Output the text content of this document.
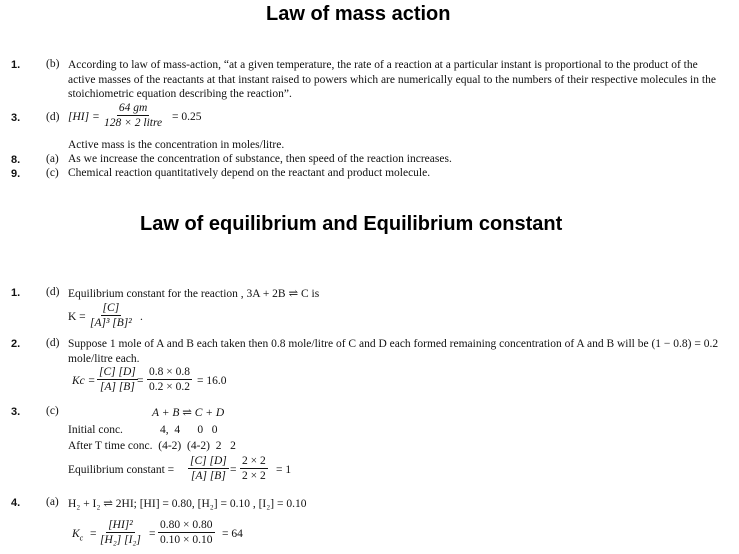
Law of mass action
1. (b) According to law of mass-action, “at a given temperature, the rate of a reaction at a particular instant is proportional to the product of the active masses of the reactants at that instant raised to powers which are numerically equal to the numbers of their respective molecules in the stoichiometric equation describing the reaction”.
3. (d) [HI] =
64 gm
128 × 2 litre
= 0.25
Active mass is the concentration in moles/litre.
8. (a) As we increase the concentration of substance, then speed of the reaction increases.
9. (c) Chemical reaction quantitatively depend on the reactant and product molecule.
Law of equilibrium and Equilibrium constant
1. (d) Equilibrium constant for the reaction , 3A + 2B ⇌ C is
$K = \frac{[C]}{\text{[A]³ [B]²}}$ .
2. (d) Suppose 1 mole of A and B each taken then 0.8 mole/litre of C and D each formed remaining concentration of A and B will be (1 − 0.8) = 0.2 mole/litre each.
$Kc = \frac{[C] [D]}{[A] [B]} = \frac{0.8 \times 0.8}{0.2 \times 0.2} = 16.0$
3. (c)	A + B ⇌ C + D
Initial conc.	4,  4      0   0
After T time conc.  (4-2)  (4-2)  2   2
Equilibrium constant = $\frac{[C] [D]}{[A] [B]} = \frac{2 \times 2}{2 \times 2} = 1$
4. (a) H₂ + I₂ ⇌ 2HI; [HI] = 0.80, [H₂] = 0.10 , [I₂] = 0.10
$K_c = \frac{\text{[HI]²}}{\text{[H₂] [I₂]}} = \frac{0.80 \times 0.80}{0.10 \times 0.10} = 64$
